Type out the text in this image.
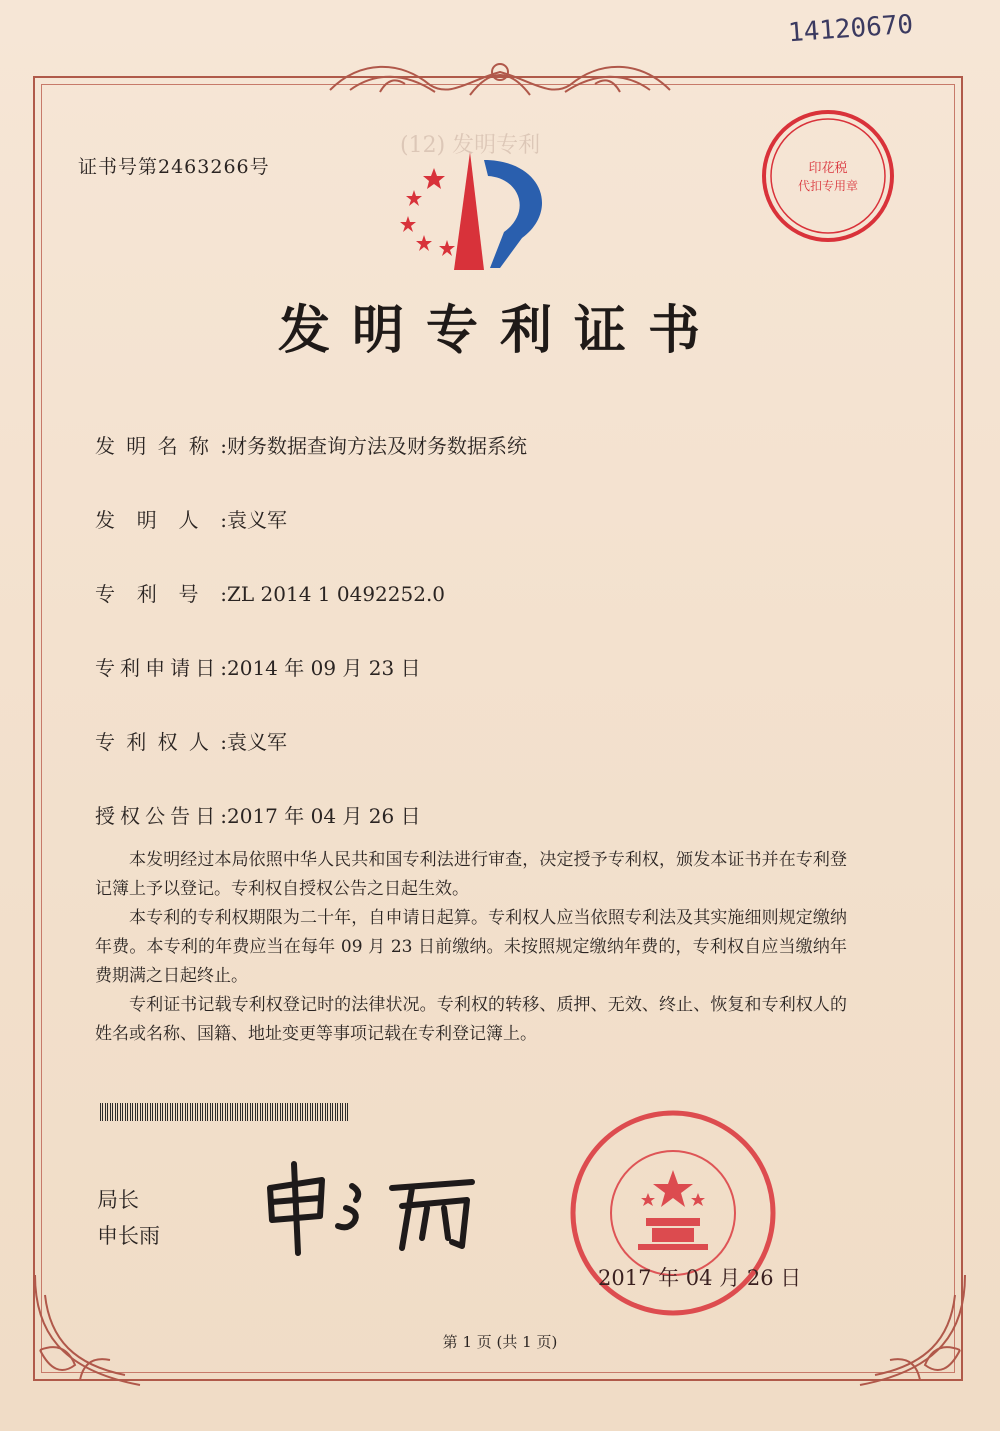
14120670
证书号第2463266号
发明专利证书
(12) 发明专利
发明名称:财务数据查询方法及财务数据系统
发明人:袁义军
专利号:ZL 2014 1 0492252.0
专利申请日:2014 年 09 月 23 日
专利权人:袁义军
授权公告日:2017 年 04 月 26 日

本发明经过本局依照中华人民共和国专利法进行审查，决定授予专利权，颁发本证书并在专利登记簿上予以登记。专利权自授权公告之日起生效。

本专利的专利权期限为二十年，自申请日起算。专利权人应当依照专利法及其实施细则规定缴纳年费。本专利的年费应当在每年 09 月 23 日前缴纳。未按照规定缴纳年费的，专利权自应当缴纳年费期满之日起终止。

专利证书记载专利权登记时的法律状况。专利权的转移、质押、无效、终止、恢复和专利权人的姓名或名称、国籍、地址变更等事项记载在专利登记簿上。

局长
申长雨
印花税
代扣专用章
2017 年 04 月 26 日
第 1 页 (共 1 页)
